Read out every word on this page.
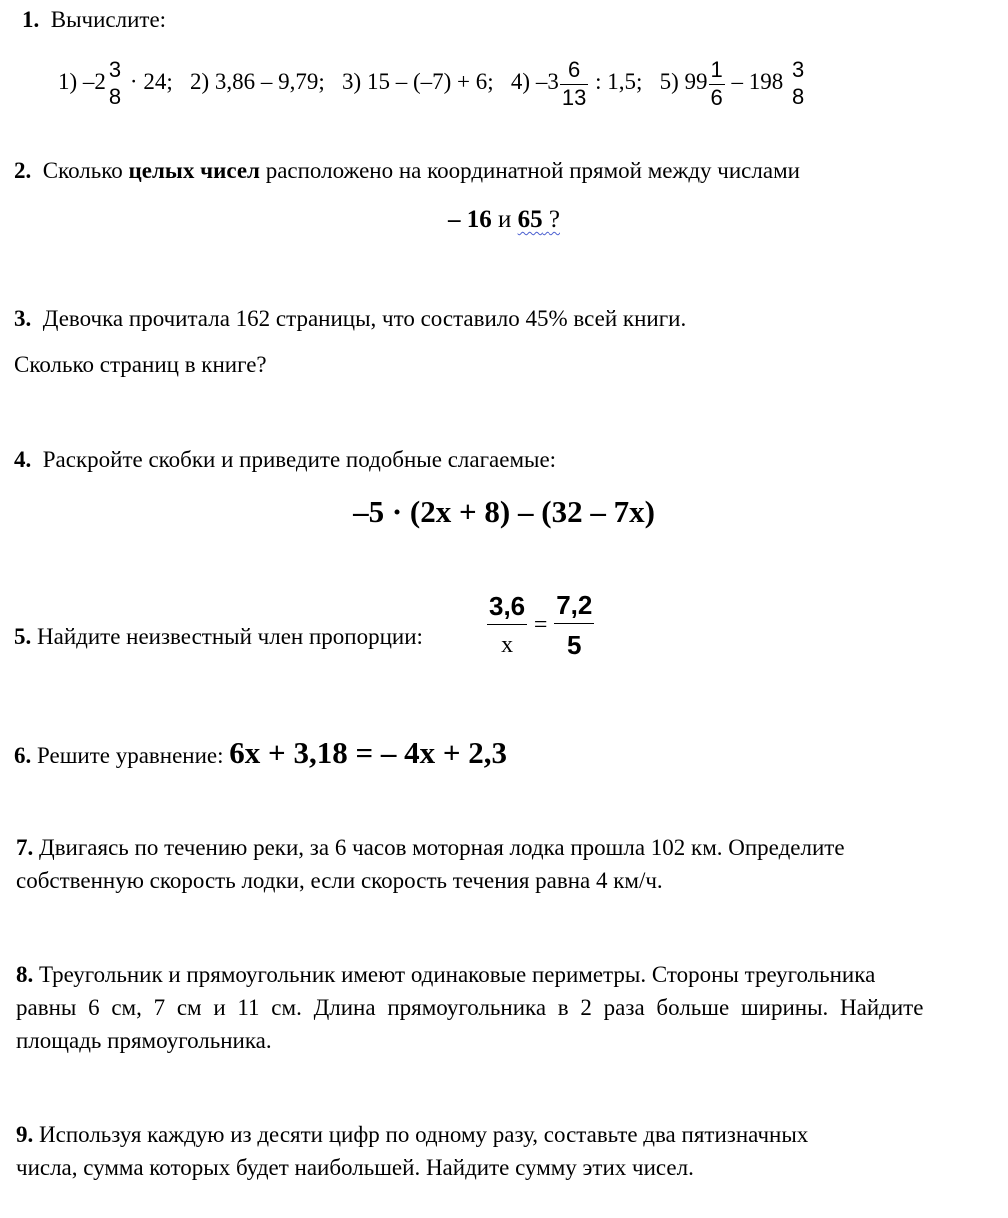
1. Вычислите:
1) –2 3
8
· 24; 2) 3,86 – 9,79; 3) 15 – (–7) + 6; 4) $-3 \frac{6}{13}$ : 1,5; 5) $99 \frac{1}{6} - 198$ 3
8
2. Сколько целых чисел расположено на координатной прямой между числами
– 16 и 65 ?
3. Девочка прочитала 162 страницы, что составило 45% всей книги.
Сколько страниц в книге?
4. Раскройте скобки и приведите подобные слагаемые:
–5 · (2x + 8) – (32 – 7x)
5. Найдите неизвестный член пропорции: $\frac{3,6}{x} = \frac{7,2}{5}$
6. Решите уравнение: 6x + 3,18 = – 4x + 2,3
7. Двигаясь по течению реки, за 6 часов моторная лодка прошла 102 км. Определите
собственную скорость лодки, если скорость течения равна 4 км/ч.
8. Треугольник и прямоугольник имеют одинаковые периметры. Стороны треугольника
равны 6 см, 7 см и 11 см. Длина прямоугольника в 2 раза больше ширины. Найдите
площадь прямоугольника.
9. Используя каждую из десяти цифр по одному разу, составьте два пятизначных
числа, сумма которых будет наибольшей. Найдите сумму этих чисел.
